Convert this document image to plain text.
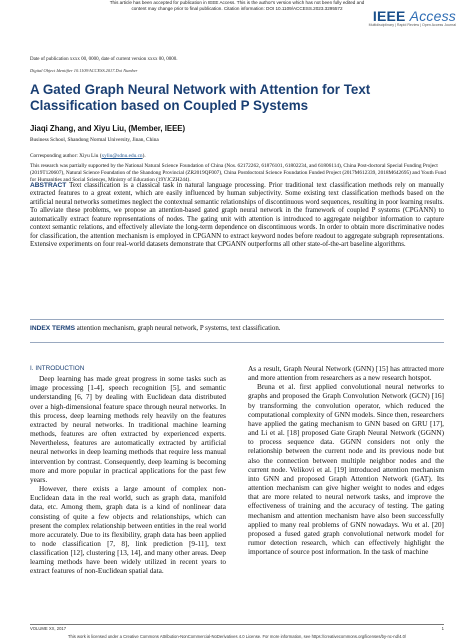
This article has been accepted for publication in IEEE Access. This is the author's version which has not been fully edited and
content may change prior to final publication. Citation information: DOI 10.1109/ACCESS.2023.3295572	IEEE Access
Multidisciplinary | Rapid Review | Open Access Journal
Date of publication xxxx 00, 0000, date of current version xxxx 00, 0000.
Digital Object Identifier 10.1109/ACCESS.2017.Doi Number
A Gated Graph Neural Network with Attention for Text Classification based on Coupled P Systems
Jiaqi Zhang, and Xiyu Liu, (Member, IEEE)
Business School, Shandong Normal University, Jinan, China
Corresponding author: Xiyu Liu (xyliu@sdnu.edu.cn).
This research was partially supported by the National Natural Science Foundation of China (Nos. 62172262, 61876101, 61802234, and 61806114), China Post-doctoral Special Funding Project (2019T120607), Natural Science Foundation of the Shandong Provincial (ZR2019QF007), China Postdoctoral Science Foundation Funded Project (2017M612339, 2018M642695) and Youth Fund for Humanities and Social Sciences, Ministry of Education (19YJCZH244).
ABSTRACT Text classification is a classical task in natural language processing. Prior traditional text classification methods rely on manually extracted features to a great extent, which are easily influenced by human subjectivity. Some existing text classification methods based on the artificial neural networks sometimes neglect the contextual semantic relationships of discontinuous word sequences, resulting in poor learning results. To alleviate these problems, we propose an attention-based gated graph neural network in the framework of coupled P systems (CPGANN) to automatically extract feature representations of nodes. The gating unit with attention is introduced to aggregate neighbor information to capture context semantic relations, and effectively alleviate the long-term dependence on discontinuous words. In order to obtain more discriminative nodes for classification, the attention mechanism is employed in CPGANN to extract keyword nodes before readout to aggregate subgraph representations. Extensive experiments on four real-world datasets demonstrate that CPGANN outperforms all other state-of-the-art baseline algorithms.
INDEX TERMS attention mechanism, graph neural network, P systems, text classification.
I. INTRODUCTION

Deep learning has made great progress in some tasks such as image processing [1-4], speech recognition [5], and semantic understanding [6, 7] by dealing with Euclidean data distributed over a high-dimensional feature space through neural networks. In this process, deep learning methods rely heavily on the features extracted by neural networks. In traditional machine learning methods, features are often extracted by experienced experts. Nevertheless, features are automatically extracted by artificial neural networks in deep learning methods that require less manual intervention by contrast. Consequently, deep learning is becoming more and more popular in practical applications for the past few years.

However, there exists a large amount of complex non-Euclidean data in the real world, such as graph data, manifold data, etc. Among them, graph data is a kind of nonlinear data consisting of quite a few objects and relationships, which can present the complex relationship between entities in the real world more accurately. Due to its flexibility, graph data has been applied to node classification [7, 8], link prediction [9-11], text classification [12], clustering [13, 14], and many other areas. Deep learning methods have been widely utilized in recent years to extract features of non-Euclidean spatial data.

As a result, Graph Neural Network (GNN) [15] has attracted more and more attention from researchers as a new research hotspot.

Bruna et al. first applied convolutional neural networks to graphs and proposed the Graph Convolution Network (GCN) [16] by transforming the convolution operator, which reduced the computational complexity of GNN models. Since then, researchers have applied the gating mechanism to GNN based on GRU [17], and Li et al. [18] proposed Gate Graph Neural Network (GGNN) to process sequence data. GGNN considers not only the relationship between the current node and its previous node but also the connection between multiple neighbor nodes and the current node. Velikovi et al. [19] introduced attention mechanism into GNN and proposed Graph Attention Network (GAT). Its attention mechanism can give higher weight to nodes and edges that are more related to neural network tasks, and improve the effectiveness of training and the accuracy of testing. The gating mechanism and attention mechanism have also been successfully applied to many real problems of GNN nowadays. Wu et al. [20] proposed a fused gated graph convolutional network model for rumor detection research, which can effectively highlight the importance of source post information. In the task of machine

VOLUME XX, 2017	1
This work is licensed under a Creative Commons Attribution-NonCommercial-NoDerivatives 4.0 License. For more information, see https://creativecommons.org/licenses/by-nc-nd/4.0/
